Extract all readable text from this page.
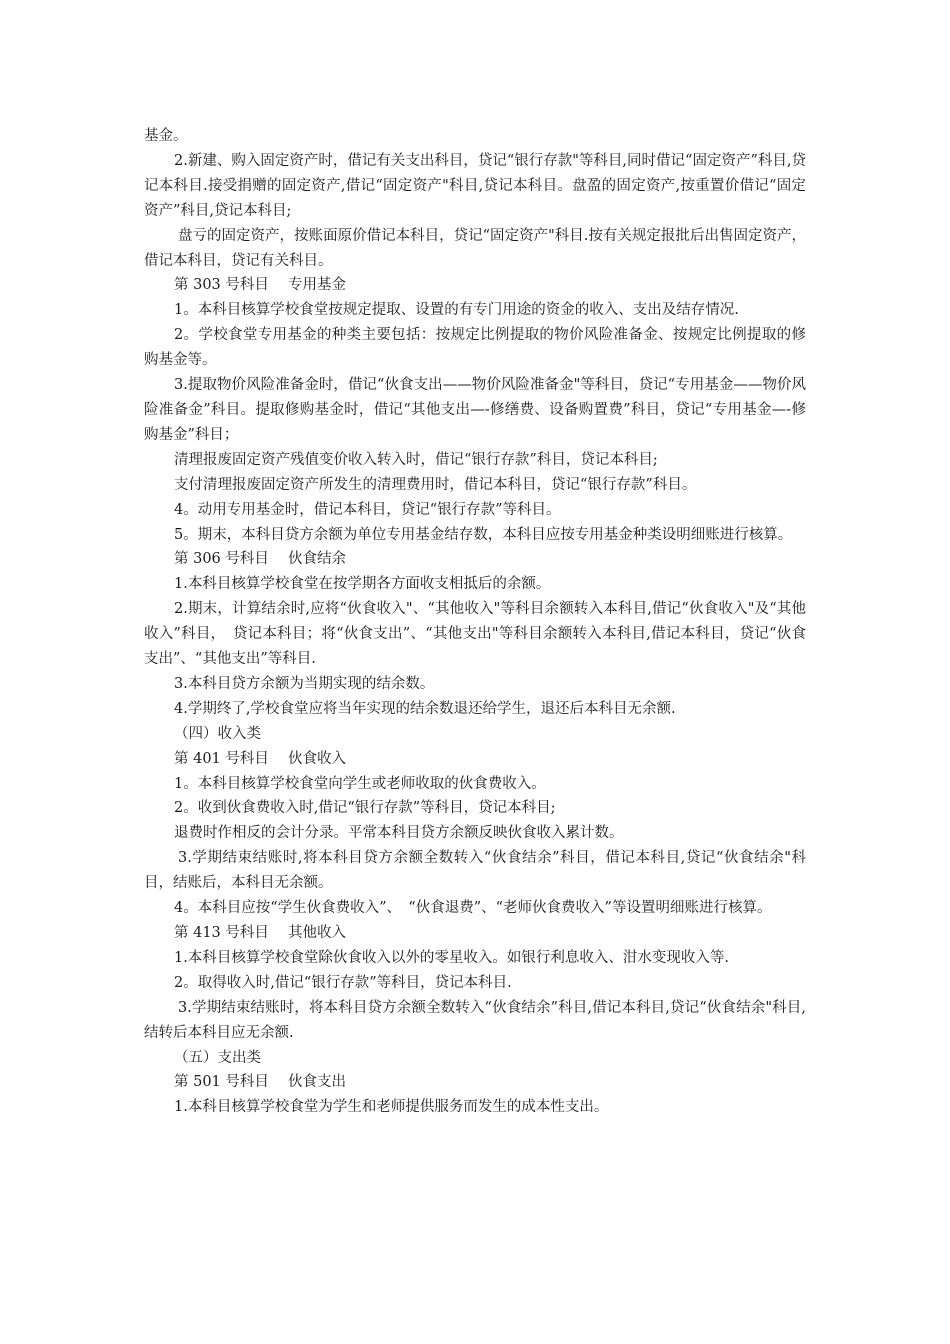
基金。

2.新建、购入固定资产时，借记有关支出科目，贷记“银行存款"等科目,同时借记“固定资产”科目,贷记本科目.接受捐赠的固定资产,借记“固定资产"科目,贷记本科目。盘盈的固定资产,按重置价借记“固定资产”科目,贷记本科目;

盘亏的固定资产，按账面原价借记本科目，贷记“固定资产"科目.按有关规定报批后出售固定资产，借记本科目，贷记有关科目。

第 303 号科目　 专用基金

1。本科目核算学校食堂按规定提取、设置的有专门用途的资金的收入、支出及结存情况.

2。学校食堂专用基金的种类主要包括：按规定比例提取的物价风险准备金、按规定比例提取的修购基金等。

3.提取物价风险准备金时，借记“伙食支出——物价风险准备金"等科目，贷记“专用基金——物价风险准备金”科目。提取修购基金时，借记“其他支出—-修缮费、设备购置费”科目，贷记“专用基金—-修购基金”科目；

清理报废固定资产残值变价收入转入时，借记“银行存款”科目，贷记本科目;

支付清理报废固定资产所发生的清理费用时，借记本科目，贷记“银行存款”科目。

4。动用专用基金时，借记本科目，贷记“银行存款”等科目。

5。期末，本科目贷方余额为单位专用基金结存数，本科目应按专用基金种类设明细账进行核算。

第 306 号科目　 伙食结余

1.本科目核算学校食堂在按学期各方面收支相抵后的余额。

2.期末，计算结余时,应将“伙食收入"、“其他收入"等科目余额转入本科目,借记“伙食收入"及“其他收入”科目，　贷记本科目；将“伙食支出”、“其他支出"等科目余额转入本科目,借记本科目，贷记“伙食支出”、“其他支出”等科目.

3.本科目贷方余额为当期实现的结余数。

4.学期终了,学校食堂应将当年实现的结余数退还给学生，退还后本科目无余额.

（四）收入类

第 401 号科目　 伙食收入

1。本科目核算学校食堂向学生或老师收取的伙食费收入。

2。收到伙食费收入时,借记“银行存款”等科目，贷记本科目;

退费时作相反的会计分录。平常本科目贷方余额反映伙食收入累计数。

3.学期结束结账时,将本科目贷方余额全数转入“伙食结余”科目，借记本科目,贷记“伙食结余"科目，结账后，本科目无余额。

4。本科目应按“学生伙食费收入”、　“伙食退费”、“老师伙食费收入”等设置明细账进行核算。

第 413 号科目　 其他收入

1.本科目核算学校食堂除伙食收入以外的零星收入。如银行利息收入、泔水变现收入等.

2。取得收入时,借记“银行存款”等科目，贷记本科目.

3.学期结束结账时，将本科目贷方余额全数转入“伙食结余”科目,借记本科目,贷记“伙食结余"科目,结转后本科目应无余额.

（五）支出类

第 501 号科目　 伙食支出

1.本科目核算学校食堂为学生和老师提供服务而发生的成本性支出。
